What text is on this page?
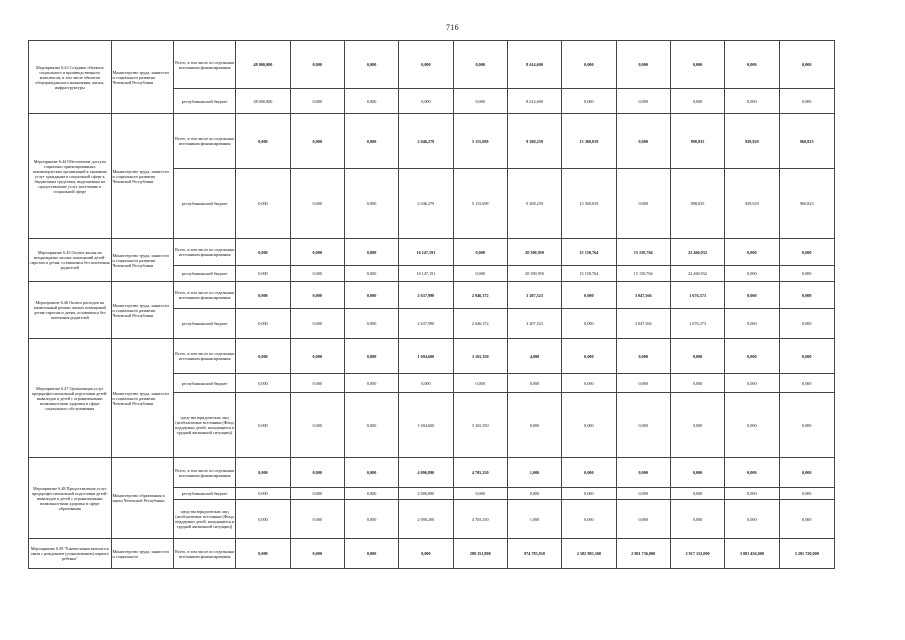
716
Мероприятие 6.43 Создание объектов социального и производственного комплексов, в том числе объектов общегражданского назначения, жилья, инфраструктуры	Министерство труда, занятости и социального развития Чеченской Республики	Всего, в том числе по отдельным источникам финансирования	48 000,000	0,000	0,000	0,000	0,000	8 614,600	0,000	0,000	0,000	0,000	0,000
		республиканский бюджет	48 000,000	0,000	0,000	0,000	0,000	8 614,600	0,000	0,000	0,000	0,000	0,000
Мероприятие 6.44 Обеспечение доступа социально ориентированных некоммерческих организаций к оказанию услуг гражданам в социальной сфере к бюджетным средствам, выделяемым на предоставление услуг населению в социальной сфере	Министерство труда, занятости и социального развития Чеченской Республики	Всего, в том числе по отдельным источникам финансирования	0,000	0,000	0,000	2 046,279	5 115,699	9 208,259	13 360,819	0,000	898,835	929,929	960,823
		республиканский бюджет	0,000	0,000	0,000	2 046,279	5 115,699	9 208,259	13 360,819	0,000	898,835	929,929	960,823
Мероприятие 6.45 Оплата жилья на неоднократно жилых помещений детей-сиротам и детям, оставшимся без попечения родителей	Министерство труда, занятости и социального развития Чеченской Республики	Всего, в том числе по отдельным источникам финансирования	0,000	0,000	0,000	16 147,191	0,000	20 390,950	15 150,764	15 150,764	22 460,932	0,000	0,000
		республиканский бюджет	0,000	0,000	0,000	16 147,191	0,000	20 390,950	15 150,764	15 150,764	22 460,932	0,000	0,000
Мероприятие 6.46 Оплата расходов на капитальный ремонт жилых помещений детям-сиротам и детям, оставшимся без попечения родителей	Министерство труда, занятости и социального развития Чеченской Республики	Всего, в том числе по отдельным источникам финансирования	0,000	0,000	0,000	2 637,990	2 046,372	3 207,523	0,000	3 047,566	1 676,373	0,000	0,000
		республиканский бюджет	0,000	0,000	0,000	2 637,990	2 046,372	3 207,523	0,000	3 047,566	1 676,373	0,000	0,000
Мероприятие 6.47 Организация услуг предпрофессиональной подготовки детей-инвалидов и детей с ограниченными возможностями здоровья в сфере социального обслуживания	Министерство труда, занятости и социального развития Чеченской Республики	Всего, в том числе по отдельным источникам финансирования	0,000	0,000	0,000	1 694,600	3 165,350	4,000	0,000	0,000	0,000	0,000	0,000
		республиканский бюджет	0,000	0,000	0,000	0,000	0,000	0,000	0,000	0,000	0,000	0,000	0,000
		средства юридических лиц (необлагаемые источники (Фонд поддержки детей, находящихся в трудной жизненной ситуации))	0,000	0,000	0,000	1 694,600	3 165,350	0,000	0,000	0,000	0,000	0,000	0,000
Мероприятие 6.48 Предоставление услуг предпрофессиональной подготовки детей-инвалидов и детей с ограниченными возможностями здоровья в сфере образования	Министерство образования и науки Чеченской Республики	Всего, в том числе по отдельным источникам финансирования	0,000	0,000	0,000	4 096,890	4 705,250	1,000	0,000	0,000	0,000	0,000	0,000
		республиканский бюджет	0,000	0,000	0,000	2 006,890	0,000	0,000	0,000	0,000	0,000	0,000	0,000
		средства юридических лиц (необлагаемые источники (Фонд поддержки детей, находящихся в трудной жизненной ситуации))	0,000	0,000	0,000	2 090,200	4 705,250	1,000	0,000	0,000	0,000	0,000	0,000
Мероприятие 6.49 "Ежемесячная выплата в связи с рождением (усыновлением) первого ребенка"	Министерство труда, занятости и социального	Всего, в том числе по отдельным источникам финансирования	0,000	0,000	0,000	0,000	280 351,800	974 783,910	2 582 995,300	2 801 736,000	2 917 152,000	3 081 456,000	3 201 720,000
